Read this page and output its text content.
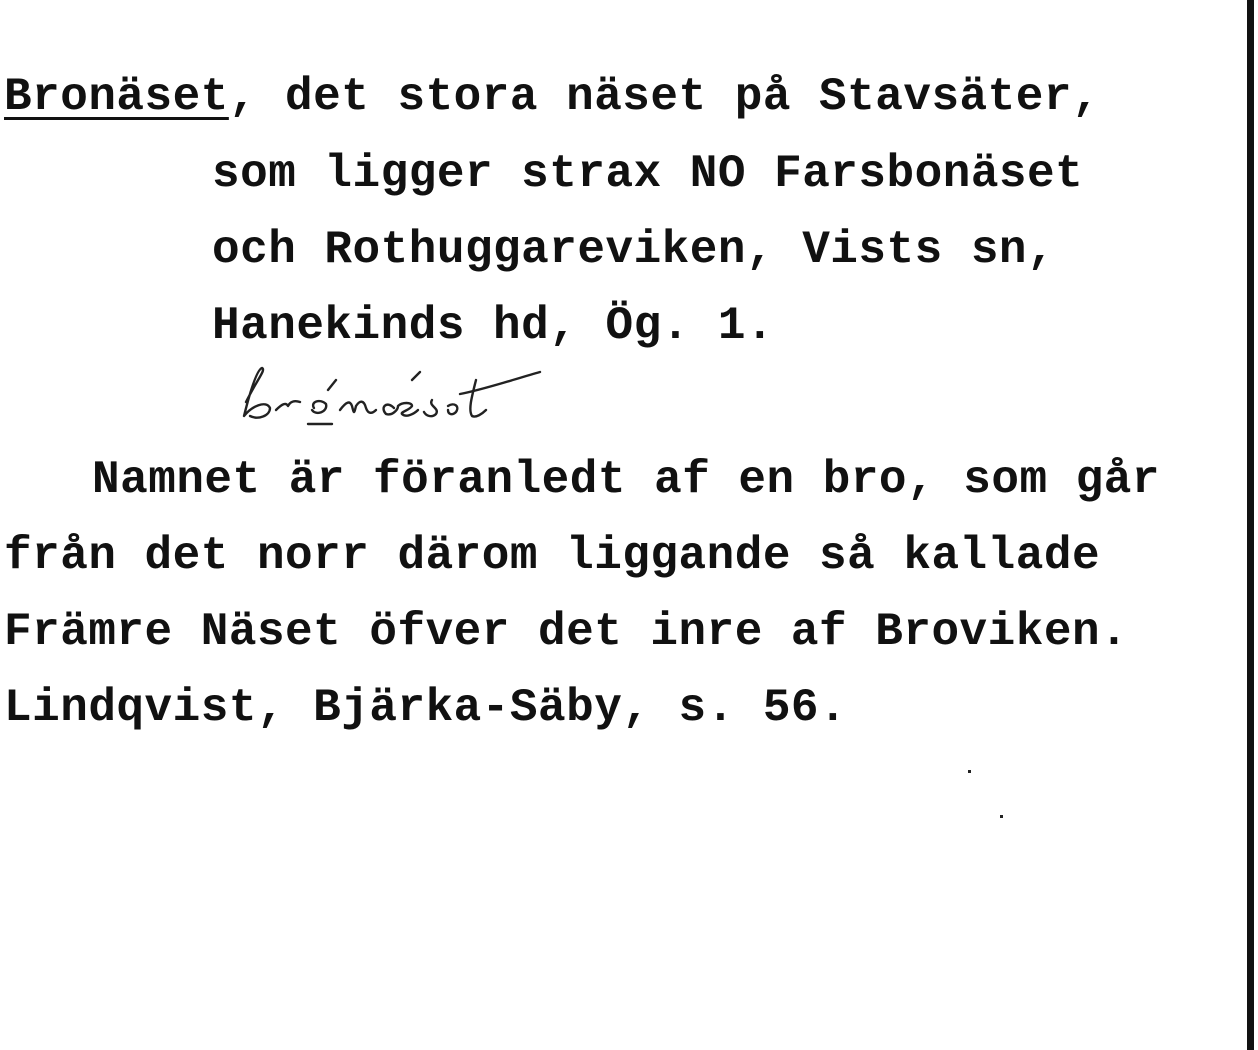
Bronäset, det stora näset på Stavsäter,
som ligger strax NO Farsbonäset
och Rothuggareviken, Vists sn,
Hanekinds hd, Ög. 1.
Namnet är föranledt af en bro, som går
från det norr därom liggande så kallade
Främre Näset öfver det inre af Broviken.
Lindqvist, Bjärka-Säby, s. 56.
